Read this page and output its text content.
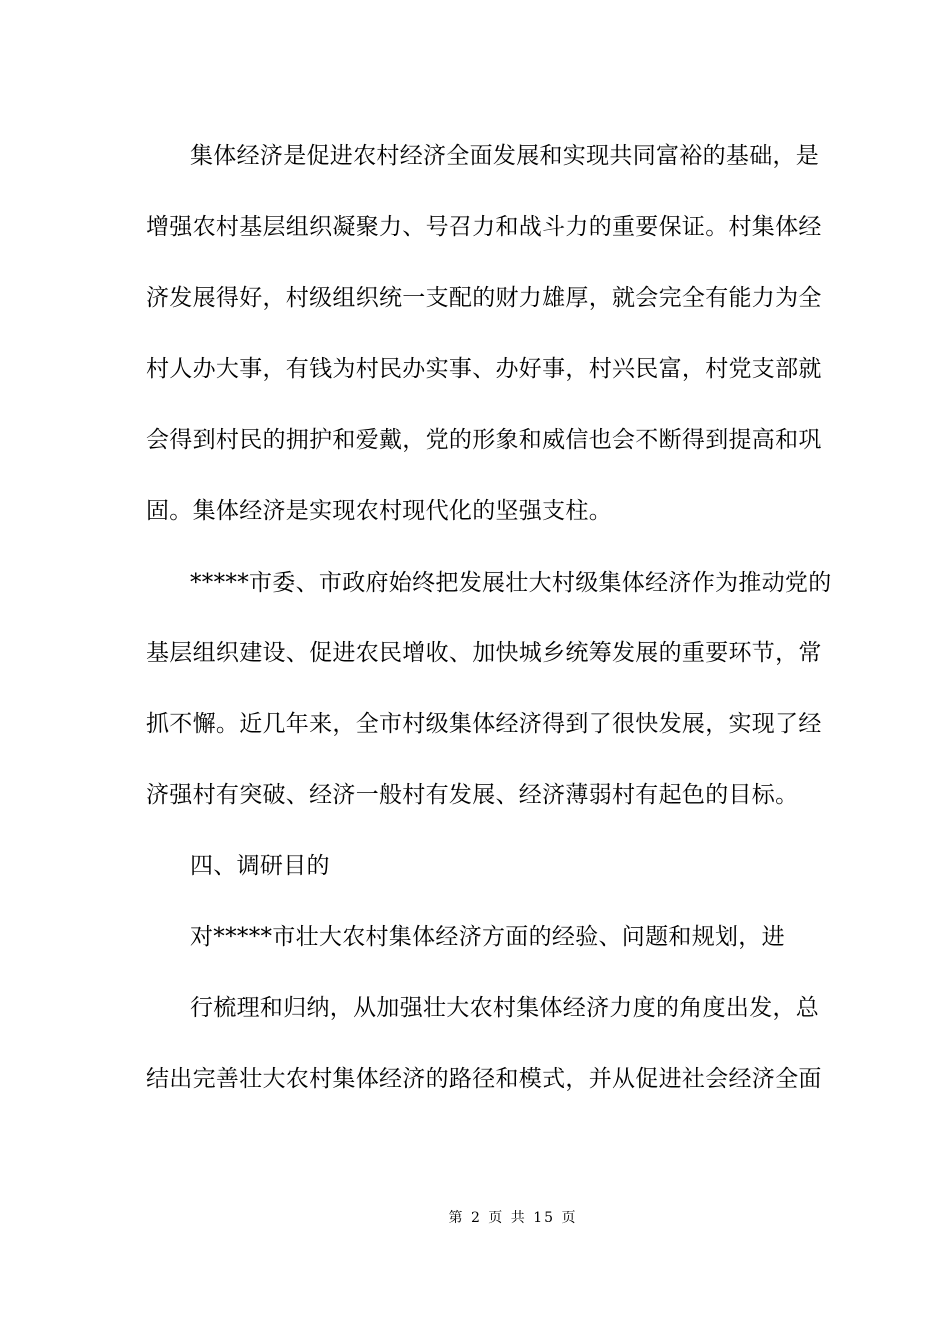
集体经济是促进农村经济全面发展和实现共同富裕的基础，是
增强农村基层组织凝聚力、号召力和战斗力的重要保证。村集体经
济发展得好，村级组织统一支配的财力雄厚，就会完全有能力为全
村人办大事，有钱为村民办实事、办好事，村兴民富，村党支部就
会得到村民的拥护和爱戴，党的形象和威信也会不断得到提高和巩
固。集体经济是实现农村现代化的坚强支柱。
*****市委、市政府始终把发展壮大村级集体经济作为推动党的
基层组织建设、促进农民增收、加快城乡统筹发展的重要环节，常
抓不懈。近几年来，全市村级集体经济得到了很快发展，实现了经
济强村有突破、经济一般村有发展、经济薄弱村有起色的目标。
四、调研目的
对*****市壮大农村集体经济方面的经验、问题和规划，进
行梳理和归纳，从加强壮大农村集体经济力度的角度出发，总
结出完善壮大农村集体经济的路径和模式，并从促进社会经济全面
第 2 页 共 15 页
